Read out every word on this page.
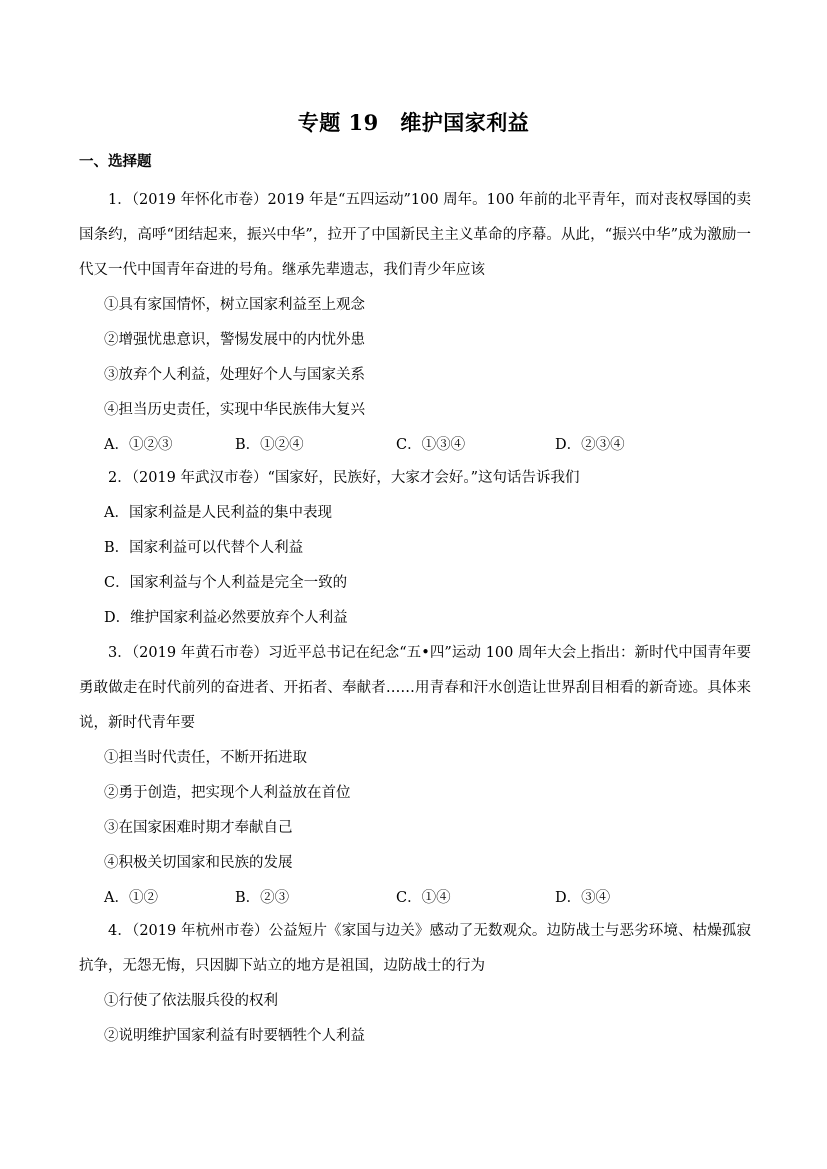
专题 19　维护国家利益
一、选择题
1．（2019 年怀化市卷）2019 年是“五四运动”100 周年。100 年前的北平青年，而对丧权辱国的卖国条约，高呼“团结起来，振兴中华”，拉开了中国新民主主义革命的序幕。从此，“振兴中华”成为激励一代又一代中国青年奋进的号角。继承先辈遗志，我们青少年应该
①具有家国情怀，树立国家利益至上观念
②增强忧患意识，警惕发展中的内忧外患
③放弃个人利益，处理好个人与国家关系
④担当历史责任，实现中华民族伟大复兴
A．①②③	B．①②④	C．①③④	D．②③④
2．（2019 年武汉市卷）“国家好，民族好，大家才会好。”这句话告诉我们
A．国家利益是人民利益的集中表现
B．国家利益可以代替个人利益
C．国家利益与个人利益是完全一致的
D．维护国家利益必然要放弃个人利益
3．（2019 年黄石市卷）习近平总书记在纪念“五•四”运动 100 周年大会上指出：新时代中国青年要勇敢做走在时代前列的奋进者、开拓者、奉献者……用青春和汗水创造让世界刮目相看的新奇迹。具体来说，新时代青年要
①担当时代责任，不断开拓进取
②勇于创造，把实现个人利益放在首位
③在国家困难时期才奉献自己
④积极关切国家和民族的发展
A．①②	B．②③	C．①④	D．③④
4．（2019 年杭州市卷）公益短片《家国与边关》感动了无数观众。边防战士与恶劣环境、枯燥孤寂抗争，无怨无悔，只因脚下站立的地方是祖国，边防战士的行为
①行使了依法服兵役的权利
②说明维护国家利益有时要牺牲个人利益
